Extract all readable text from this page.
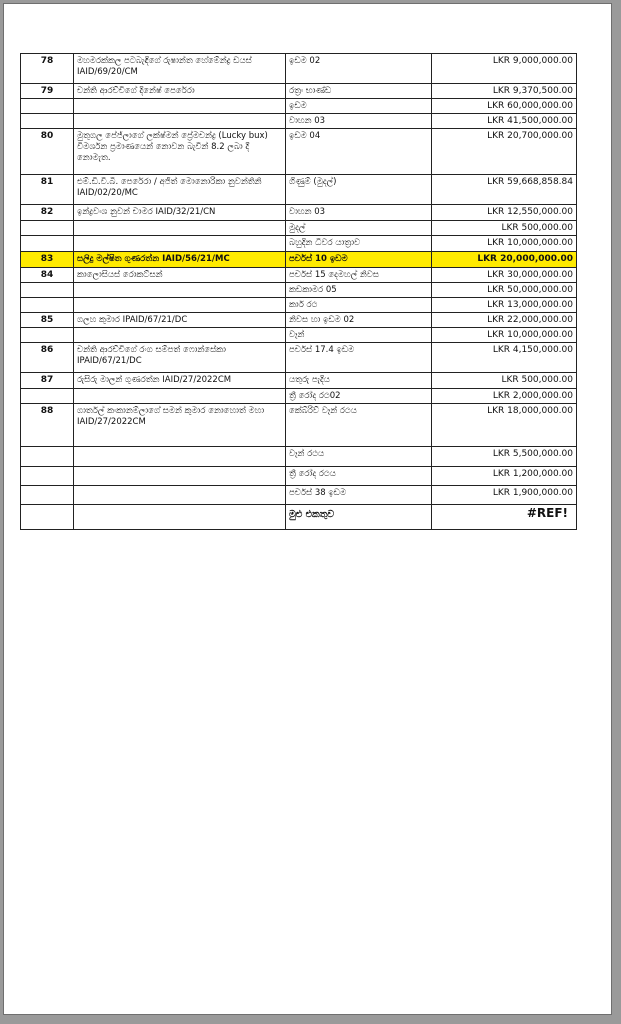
78	මහමරක්කල පටබැඳිගේ රුෂාන්ත හේමේන්ද්‍ර ඩයස් IAID/69/20/CM	ඉඩම 02	LKR 9,000,000.00
79	චන්ති ආරච්චිගේ දිනේෂ් පෙරේරා	රත්‍රං භාණ්ඩ	LKR 9,370,500.00
		ඉඩම	LKR 60,000,000.00
		වාහන 03	LKR 41,500,000.00
80	මුතුගල පේජ්ලාගේ ලක්ෂ්මන් ප්‍රේමචන්ද්‍ර (Lucky bux) විමර්ශන ප්‍රමාණයෙන් නොවන බැවින් 8.2 ලබා දී නොමැත.	ඉඩම 04	LKR 20,700,000.00
81	එම්.ඩී.වී.බී. පෙරේරා / අජිත් මොනොරිකා නුවන්තිනි IAID/02/20/MC	ගිණුම් (මුදල්)	LKR 59,668,858.84
82	ඉන්ද්‍රවංශ නුවන් චාමර IAID/32/21/CN	වාහන 03	LKR 12,550,000.00
		මුදල්	LKR 500,000.00
		බහුදින ධීවර යාත්‍රාව	LKR 10,000,000.00
83	සලිදු මල්ෂිත ගුණරත්න IAID/56/21/MC	පර්චස් 10 ඉඩම	LKR 20,000,000.00
84	කාලොසියස් රොකට්සන්	පර්චස් 15 දෙමහල් නිවස	LKR 30,000,000.00
		කඩකාමර 05	LKR 50,000,000.00
		කාර් රථ	LKR 13,000,000.00
85	ගලහ කුමාර IPAID/67/21/DC	නිවස හා ඉඩම 02	LKR 22,000,000.00
		වෑන්	LKR 10,000,000.00
86	චන්ති ආරච්චිගේ රංග සම්පත් ෆොන්සේකා IPAID/67/21/DC	පර්චස් 17.4 ඉඩම	LKR 4,150,000.00
87	රුසිරු මාලන් ගුණරත්න IAID/27/2022CM	යතුරු පැදිය	LKR 500,000.00
		ත්‍රී රෝද රථ02	LKR 2,000,000.00
88	ගාර්තල් කංකානම්ලාගේ සමන් කුමාර නොහොත් මහා IAID/27/2022CM	කේබ්රිව් වෑන් රථය	LKR 18,000,000.00
		වෑන් රථය	LKR 5,500,000.00
		ත්‍රී රෝද රථය	LKR 1,200,000.00
		පර්චස් 38 ඉඩම	LKR 1,900,000.00
		මුළු එකතුව	#REF!
